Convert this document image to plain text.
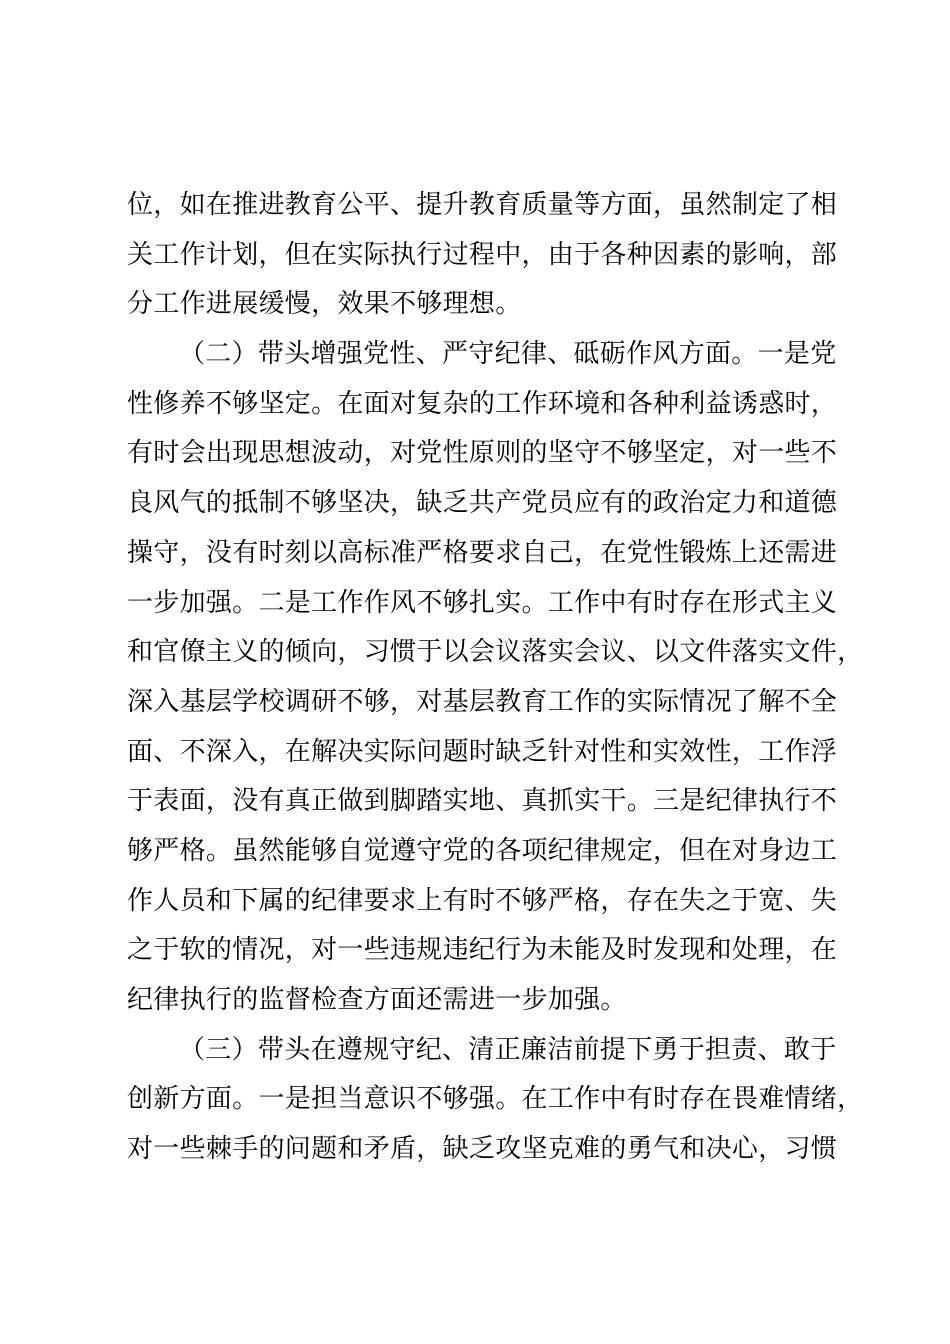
位，如在推进教育公平、提升教育质量等方面，虽然制定了相
关工作计划，但在实际执行过程中，由于各种因素的影响，部
分工作进展缓慢，效果不够理想。
（二）带头增强党性、严守纪律、砥砺作风方面。一是党
性修养不够坚定。在面对复杂的工作环境和各种利益诱惑时，
有时会出现思想波动，对党性原则的坚守不够坚定，对一些不
良风气的抵制不够坚决，缺乏共产党员应有的政治定力和道德
操守，没有时刻以高标准严格要求自己，在党性锻炼上还需进
一步加强。二是工作作风不够扎实。工作中有时存在形式主义
和官僚主义的倾向，习惯于以会议落实会议、以文件落实文件，
深入基层学校调研不够，对基层教育工作的实际情况了解不全
面、不深入，在解决实际问题时缺乏针对性和实效性，工作浮
于表面，没有真正做到脚踏实地、真抓实干。三是纪律执行不
够严格。虽然能够自觉遵守党的各项纪律规定，但在对身边工
作人员和下属的纪律要求上有时不够严格，存在失之于宽、失
之于软的情况，对一些违规违纪行为未能及时发现和处理，在
纪律执行的监督检查方面还需进一步加强。
（三）带头在遵规守纪、清正廉洁前提下勇于担责、敢于
创新方面。一是担当意识不够强。在工作中有时存在畏难情绪，
对一些棘手的问题和矛盾，缺乏攻坚克难的勇气和决心，习惯
